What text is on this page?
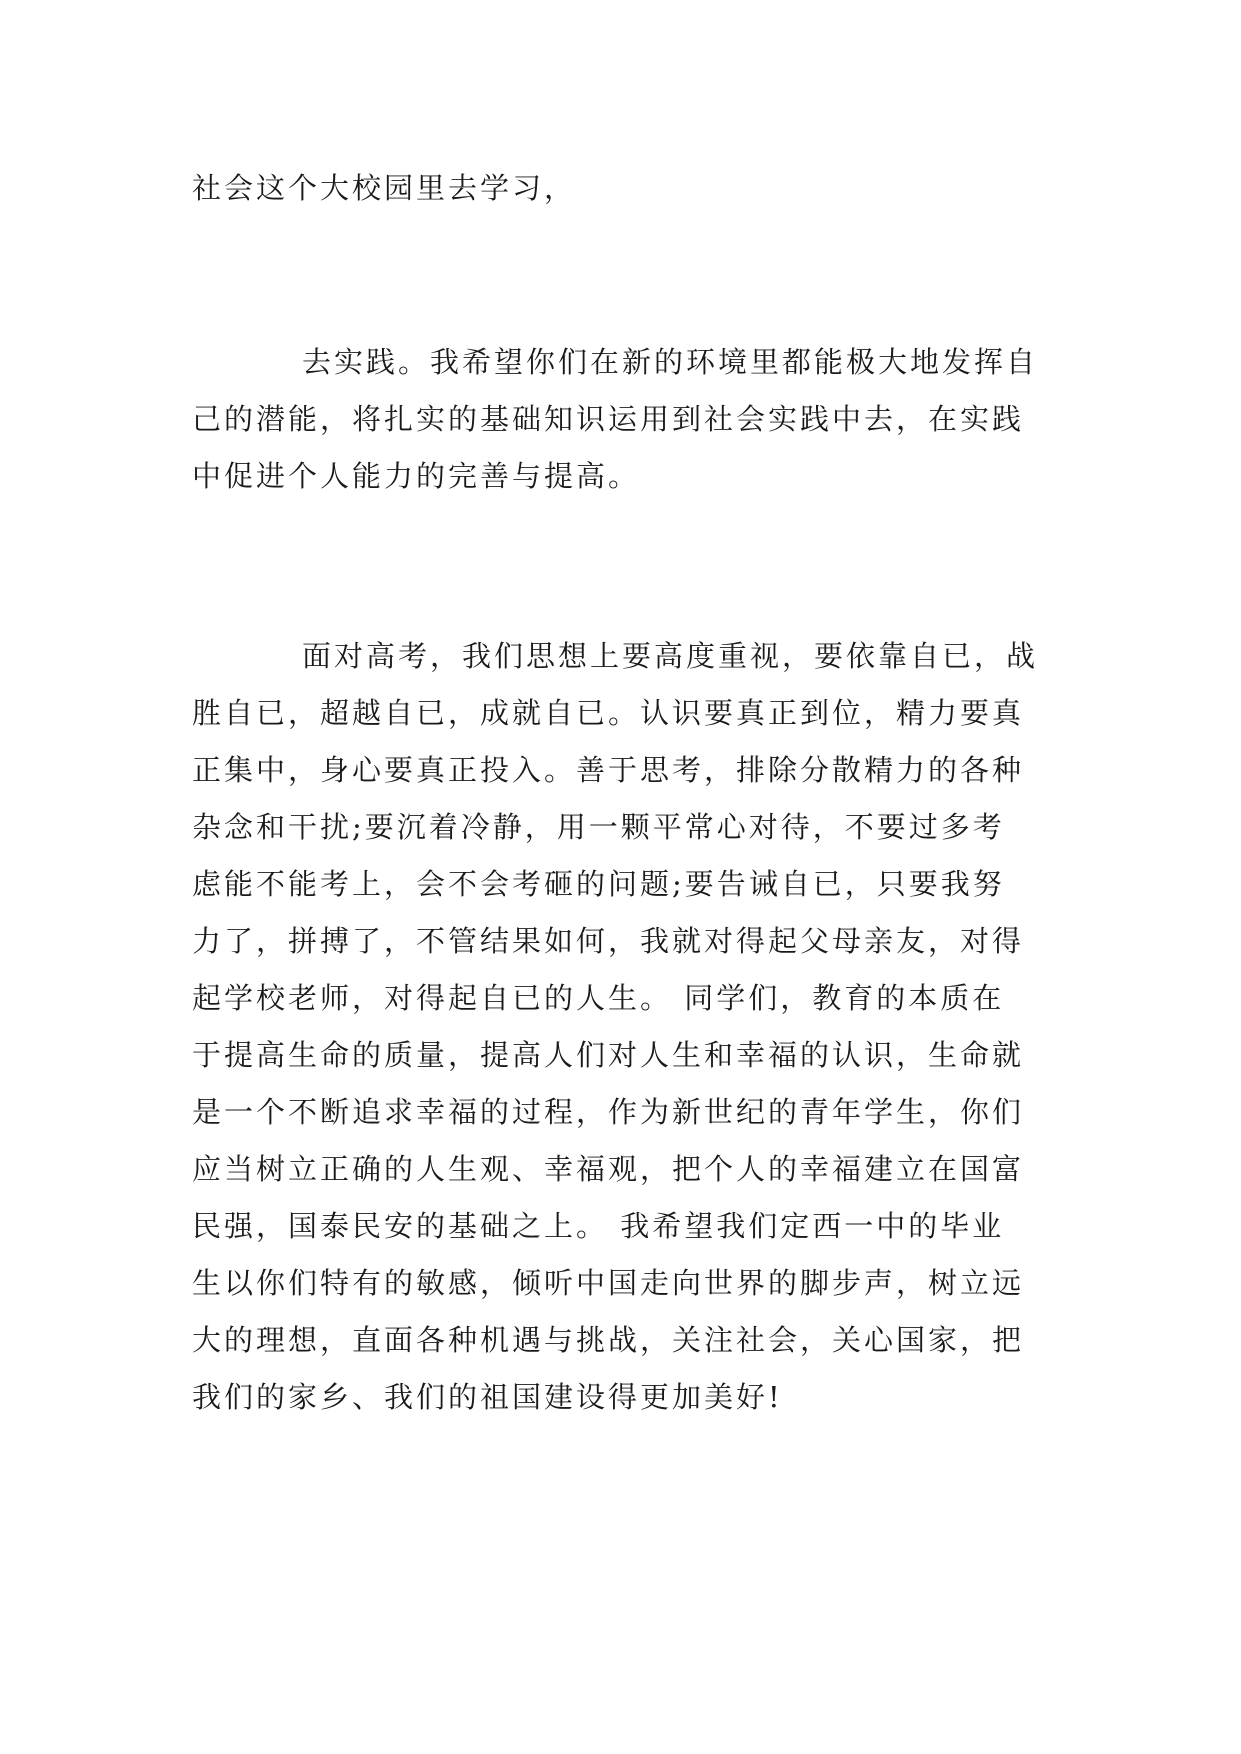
社会这个大校园里去学习，

去实践。我希望你们在新的环境里都能极大地发挥自
己的潜能，将扎实的基础知识运用到社会实践中去，在实践
中促进个人能力的完善与提高。

面对高考，我们思想上要高度重视，要依靠自已，战
胜自已，超越自已，成就自已。认识要真正到位，精力要真
正集中，身心要真正投入。善于思考，排除分散精力的各种
杂念和干扰;要沉着冷静，用一颗平常心对待，不要过多考
虑能不能考上，会不会考砸的问题;要告诫自已，只要我努
力了，拼搏了，不管结果如何，我就对得起父母亲友，对得
起学校老师，对得起自已的人生。 同学们，教育的本质在
于提高生命的质量，提高人们对人生和幸福的认识，生命就
是一个不断追求幸福的过程，作为新世纪的青年学生，你们
应当树立正确的人生观、幸福观，把个人的幸福建立在国富
民强，国泰民安的基础之上。 我希望我们定西一中的毕业
生以你们特有的敏感，倾听中国走向世界的脚步声，树立远
大的理想，直面各种机遇与挑战，关注社会，关心国家，把
我们的家乡、我们的祖国建设得更加美好!
